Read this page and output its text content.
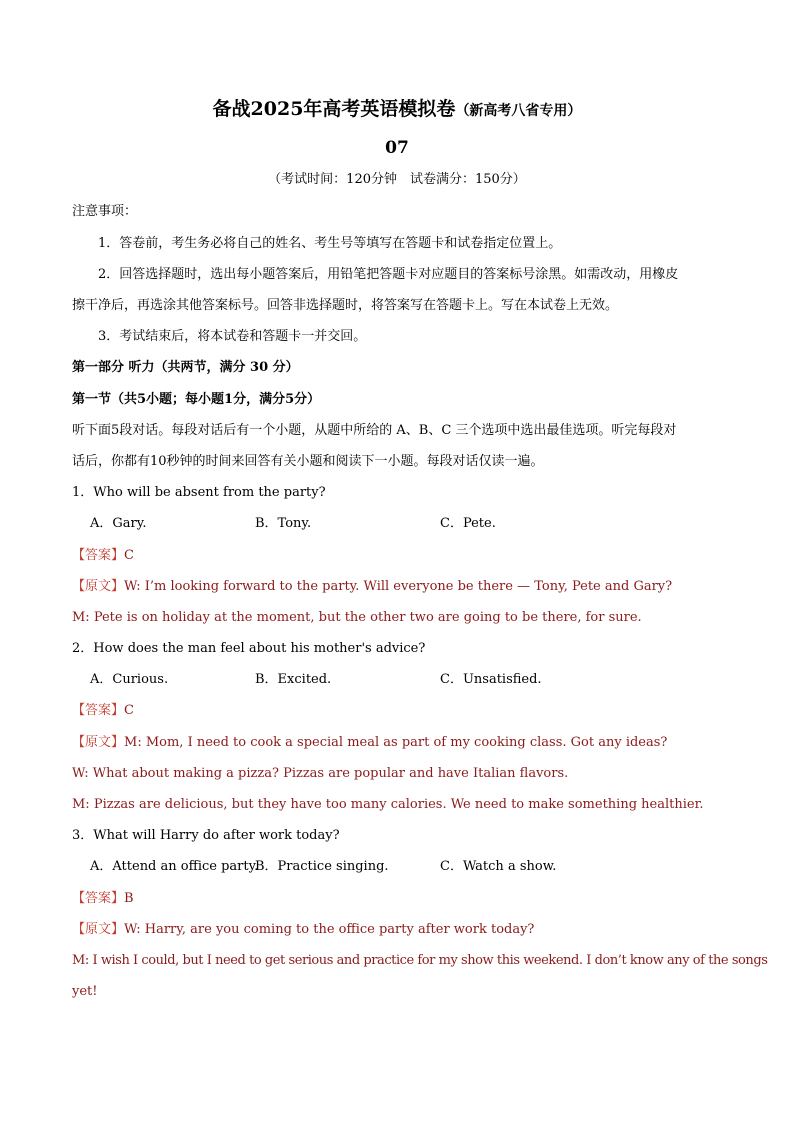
备战2025年高考英语模拟卷（新高考八省专用）
07
（考试时间：120分钟　试卷满分：150分）
注意事项：
1．答卷前，考生务必将自己的姓名、考生号等填写在答题卡和试卷指定位置上。
2．回答选择题时，选出每小题答案后，用铅笔把答题卡对应题目的答案标号涂黑。如需改动，用橡皮
擦干净后，再选涂其他答案标号。回答非选择题时，将答案写在答题卡上。写在本试卷上无效。
3．考试结束后，将本试卷和答题卡一并交回。
第一部分 听力（共两节，满分 30 分）
第一节（共5小题；每小题1分，满分5分）
听下面5段对话。每段对话后有一个小题，从题中所给的 A、B、C 三个选项中选出最佳选项。听完每段对
话后，你都有10秒钟的时间来回答有关小题和阅读下一小题。每段对话仅读一遍。
1．Who will be absent from the party?
A．Gary.	B．Tony.	C．Pete.
【答案】C
【原文】W: I’m looking forward to the party. Will everyone be there — Tony, Pete and Gary?
M: Pete is on holiday at the moment, but the other two are going to be there, for sure.
2．How does the man feel about his mother's advice?
A．Curious.	B．Excited.	C．Unsatisfied.
【答案】C
【原文】M: Mom, I need to cook a special meal as part of my cooking class. Got any ideas?
W: What about making a pizza? Pizzas are popular and have Italian flavors.
M: Pizzas are delicious, but they have too many calories. We need to make something healthier.
3．What will Harry do after work today?
A．Attend an office party.
B．Practice singing.	C．Watch a show.
【答案】B
【原文】W: Harry, are you coming to the office party after work today?
M: I wish I could, but I need to get serious and practice for my show this weekend. I don’t know any of the songs
yet!
